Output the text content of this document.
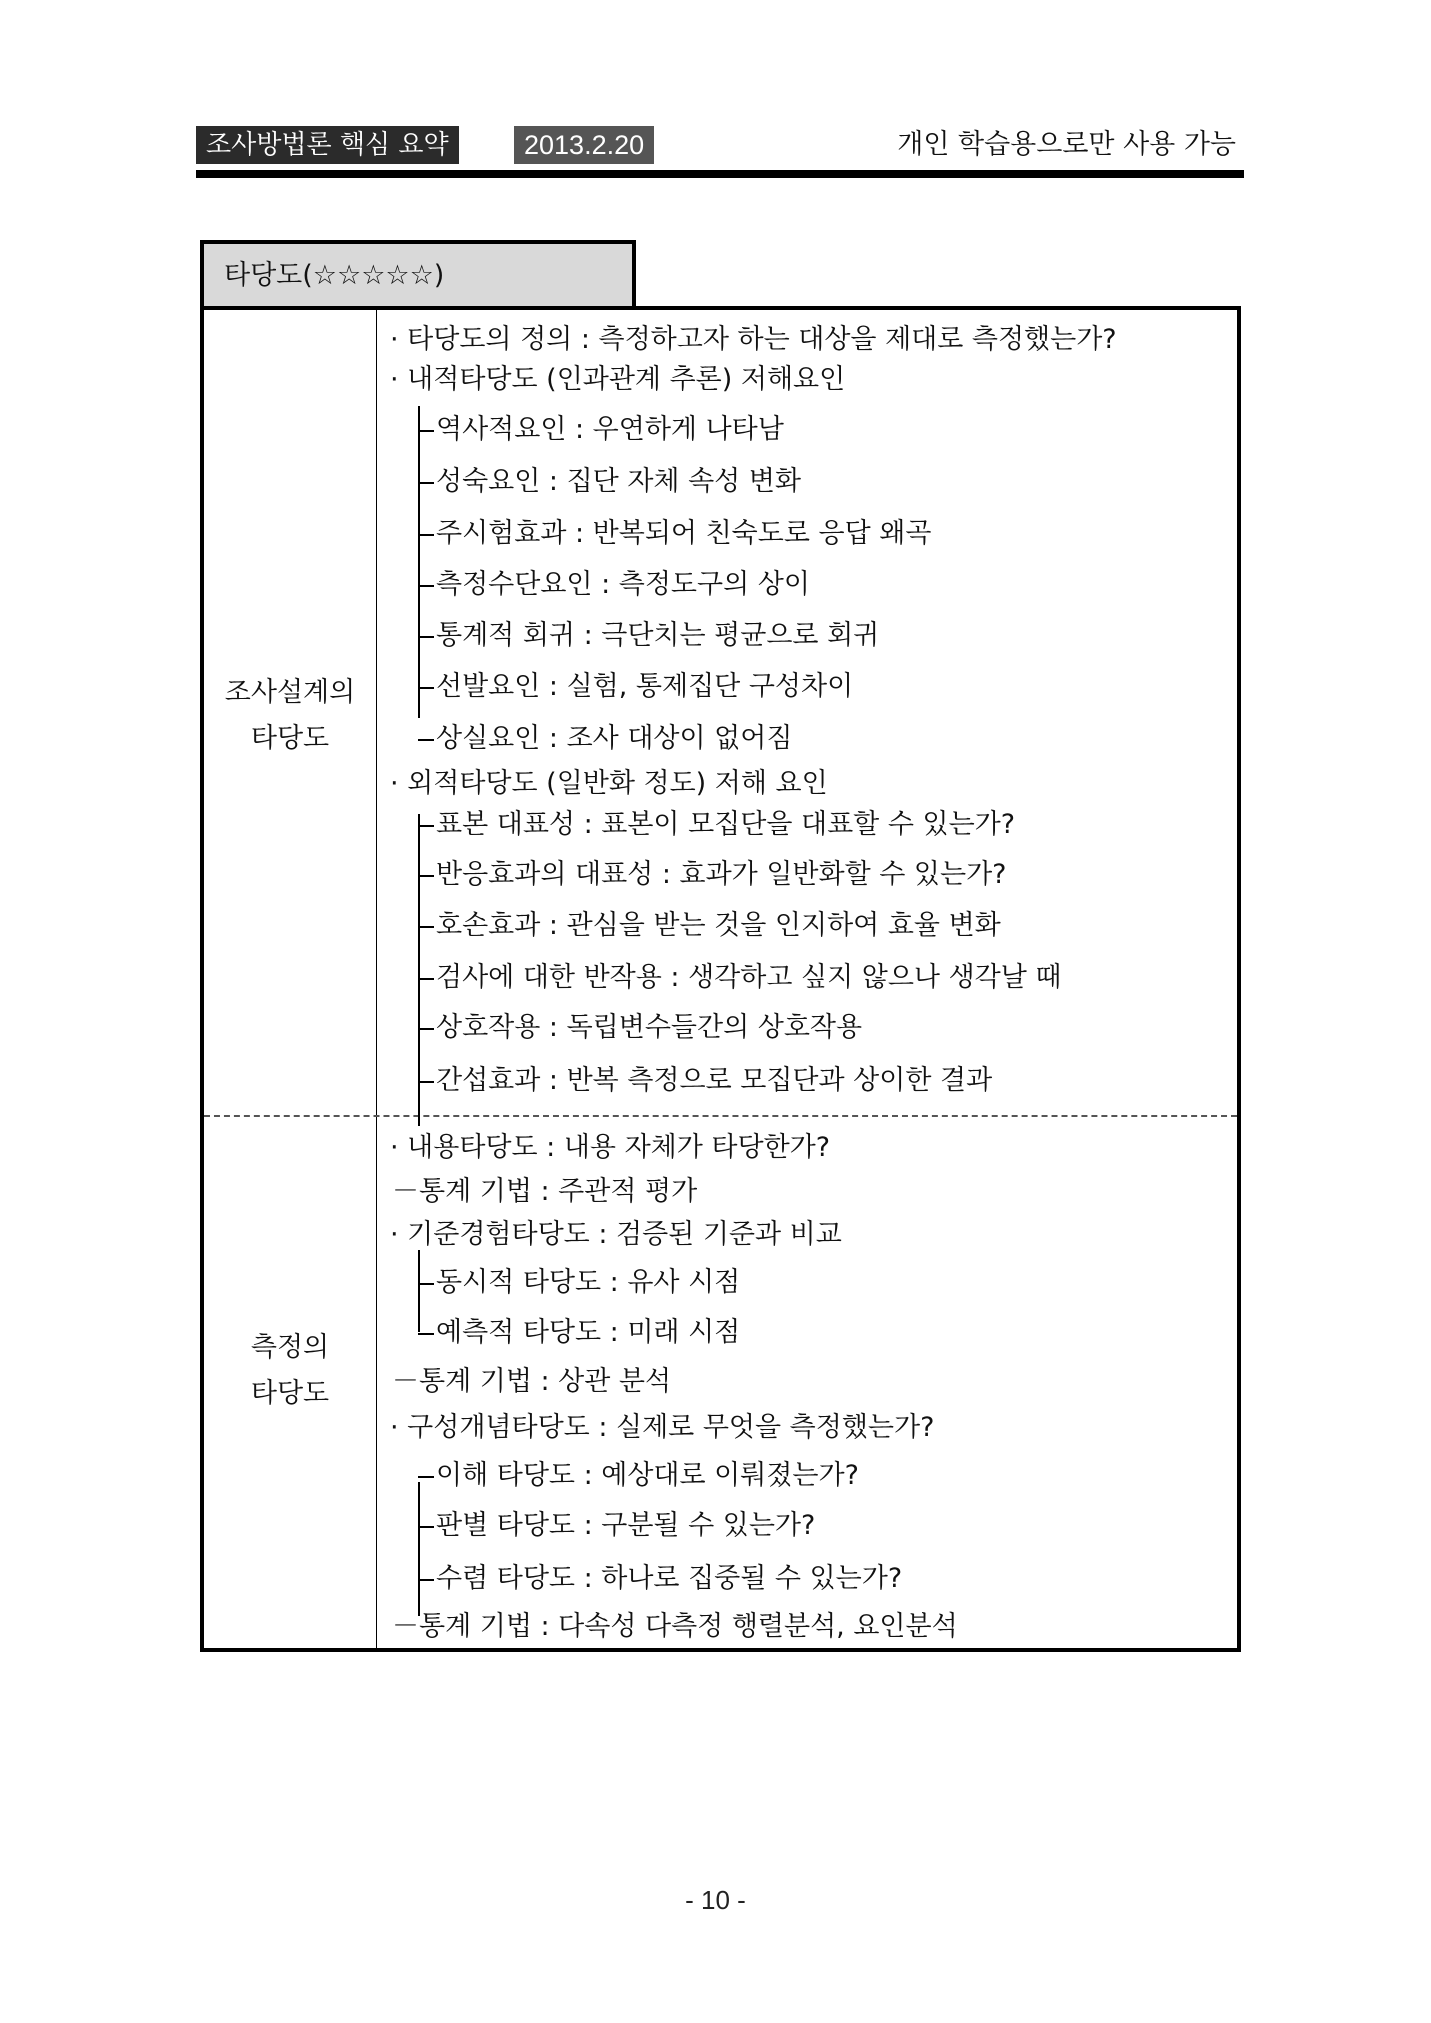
조사방법론 핵심 요약	2013.2.20	개인 학습용으로만 사용 가능
타당도(☆☆☆☆☆)
조사설계의
타당도
측정의
타당도
· 타당도의 정의 : 측정하고자 하는 대상을 제대로 측정했는가?
· 내적타당도 (인과관계 추론) 저해요인
역사적요인 : 우연하게 나타남
성숙요인 : 집단 자체 속성 변화
주시험효과 : 반복되어 친숙도로 응답 왜곡
측정수단요인 : 측정도구의 상이
통계적 회귀 : 극단치는 평균으로 회귀
선발요인 : 실험, 통제집단 구성차이
상실요인 : 조사 대상이 없어짐
· 외적타당도 (일반화 정도) 저해 요인
표본 대표성 : 표본이 모집단을 대표할 수 있는가?
반응효과의 대표성 : 효과가 일반화할 수 있는가?
호손효과 : 관심을 받는 것을 인지하여 효율 변화
검사에 대한 반작용 : 생각하고 싶지 않으나 생각날 때
상호작용 : 독립변수들간의 상호작용
간섭효과 : 반복 측정으로 모집단과 상이한 결과
· 내용타당도 : 내용 자체가 타당한가?
－통계 기법 : 주관적 평가
· 기준경험타당도 : 검증된 기준과 비교
동시적 타당도 : 유사 시점
예측적 타당도 : 미래 시점
－통계 기법 : 상관 분석
· 구성개념타당도 : 실제로 무엇을 측정했는가?
이해 타당도 : 예상대로 이뤄졌는가?
판별 타당도 : 구분될 수 있는가?
수렴 타당도 : 하나로 집중될 수 있는가?
－통계 기법 : 다속성 다측정 행렬분석, 요인분석
- 10 -
